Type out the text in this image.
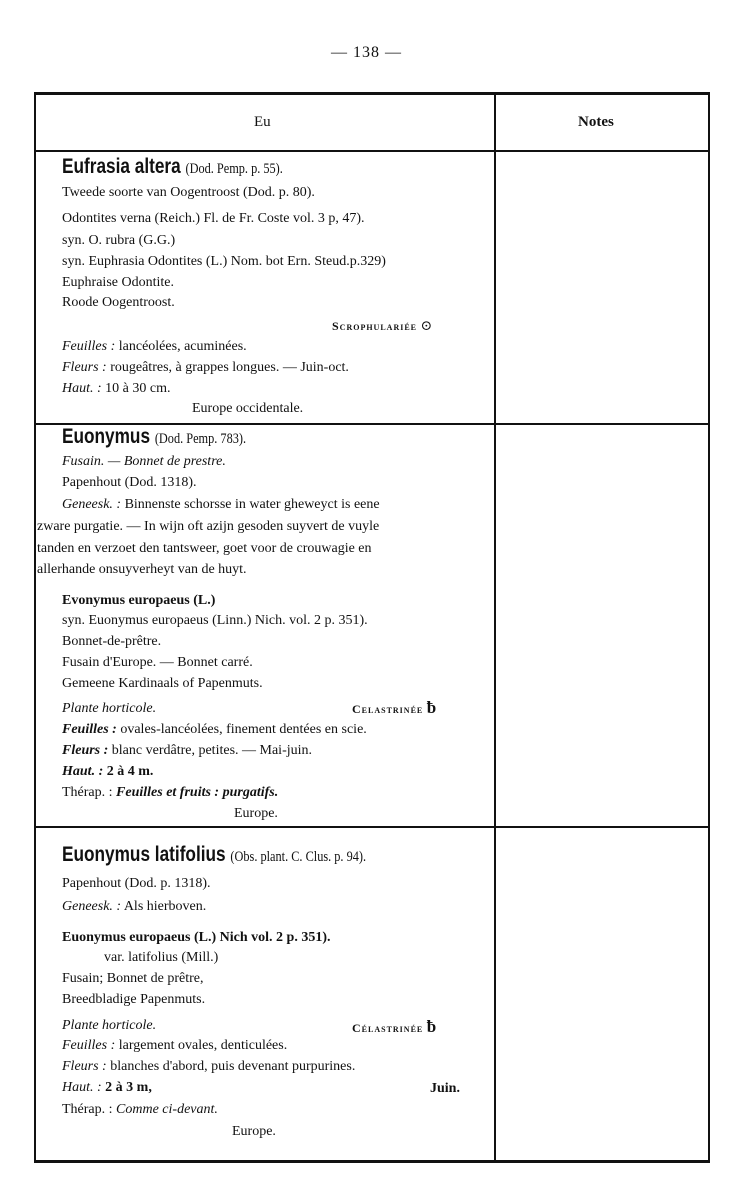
— 138 —
Eu	Notes
Eufrasia altera (Dod. Pemp. p. 55).
Tweede soorte van Oogentroost (Dod. p. 80).
Odontites verna (Reich.) Fl. de Fr. Coste vol. 3 p, 47).
syn. O. rubra (G.G.)
syn. Euphrasia Odontites (L.) Nom. bot Ern. Steud.p.329)
Euphraise Odontite.
Roode Oogentroost.
Scrophulariée ⊙
Feuilles : lancéolées, acuminées.
Fleurs : rougeâtres, à grappes longues. — Juin-oct.
Haut. : 10 à 30 cm.
Europe occidentale.
Euonymus (Dod. Pemp. 783).
Fusain. — Bonnet de prestre.
Papenhout (Dod. 1318).
Geneesk. : Binnenste schorsse in water gheweyct is eene
zware purgatie. — In wijn oft azijn gesoden suyvert de vuyle
tanden en verzoet den tantsweer, goet voor de crouwagie en
allerhande onsuyverheyt van de huyt.
Evonymus europaeus (L.)
syn. Euonymus europaeus (Linn.) Nich. vol. 2 p. 351).
Bonnet-de-prêtre.
Fusain d'Europe. — Bonnet carré.
Gemeene Kardinaals of Papenmuts.
Plante horticole.	Celastrinée ƀ
Feuilles : ovales-lancéolées, finement dentées en scie.
Fleurs : blanc verdâtre, petites. — Mai-juin.
Haut. : 2 à 4 m.
Thérap. : Feuilles et fruits : purgatifs.
Europe.
Euonymus latifolius (Obs. plant. C. Clus. p. 94).
Papenhout (Dod. p. 1318).
Geneesk. : Als hierboven.
Euonymus europaeus (L.) Nich vol. 2 p. 351).
var. latifolius (Mill.)
Fusain; Bonnet de prêtre,
Breedbladige Papenmuts.
Plante horticole.	Célastrinée ƀ
Feuilles : largement ovales, denticulées.
Fleurs : blanches d'abord, puis devenant purpurines.
Haut. : 2 à 3 m,	Juin.
Thérap. : Comme ci-devant.
Europe.
